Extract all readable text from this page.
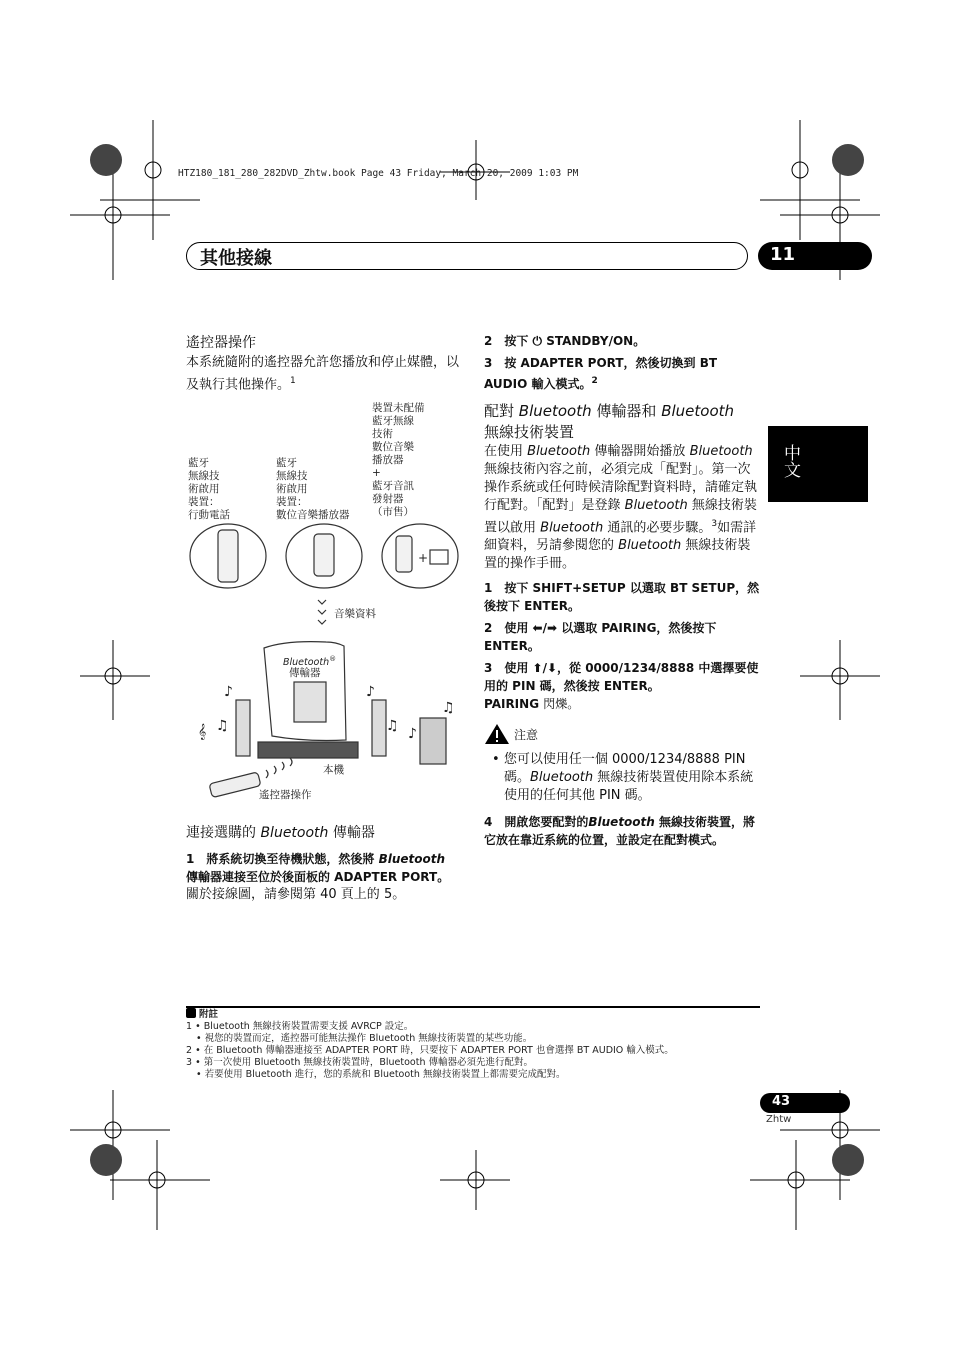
HTZ180_181_280_282DVD_Zhtw.book Page 43 Friday, March 20, 2009 1:03 PM
其他接線	11
中文
遙控器操作

本系統隨附的遙控器允許您播放和停止媒體，以及執行其他操作。$^1$

藍牙
無線技
術啟用
裝置：
行動電話
藍牙
無線技
術啟用
裝置：
數位音樂播放器
裝置未配備
藍牙無線
技術
數位音樂
播放器
+
藍牙音訊
發射器
（市售）
+
♪	♪
♫
𝄞 ♫	♫ ♪
音樂資料
Bluetooth®
傳輸器
本機
遙控器操作
連接選購的 Bluetooth 傳輸器

1 將系統切換至待機狀態，然後將 Bluetooth
傳輸器連接至位於後面板的 ADAPTER PORT。

關於接線圖，請參閱第 40 頁上的 5。

2 按下 ⏻ STANDBY/ON。

3 按 ADAPTER PORT，然後切換到 BT AUDIO 輸入模式。$^2$

配對 Bluetooth 傳輸器和 Bluetooth
無線技術裝置

在使用 Bluetooth 傳輸器開始播放 Bluetooth 無線技術內容之前，必須完成「配對」。第一次操作系統或任何時候清除配對資料時，請確定執行配對。「配對」是登錄 Bluetooth 無線技術裝置以啟用 Bluetooth 通訊的必要步驟。$^3$如需詳細資料，另請參閱您的 Bluetooth 無線技術裝置的操作手冊。

1 按下 SHIFT+SETUP 以選取 BT SETUP，然後按下 ENTER。

2 使用 ⬅/➡ 以選取 PAIRING，然後按下 ENTER。

3 使用 ⬆/⬇，從 0000/1234/8888 中選擇要使用的 PIN 碼，然後按 ENTER。
PAIRING 閃爍。

注意

• 您可以使用任一個 0000/1234/8888 PIN 碼。Bluetooth 無線技術裝置使用除本系統使用的任何其他 PIN 碼。

4 開啟您要配對的Bluetooth 無線技術裝置，將它放在靠近系統的位置，並設定在配對模式。

附註
1 • Bluetooth 無線技術裝置需要支援 AVRCP 設定。
• 視您的裝置而定，遙控器可能無法操作 Bluetooth 無線技術裝置的某些功能。
2 • 在 Bluetooth 傳輸器連接至 ADAPTER PORT 時，只要按下 ADAPTER PORT 也會選擇 BT AUDIO 輸入模式。
3 • 第一次使用 Bluetooth 無線技術裝置時，Bluetooth 傳輸器必須先進行配對。
• 若要使用 Bluetooth 進行，您的系統和 Bluetooth 無線技術裝置上都需要完成配對。
43
Zhtw
